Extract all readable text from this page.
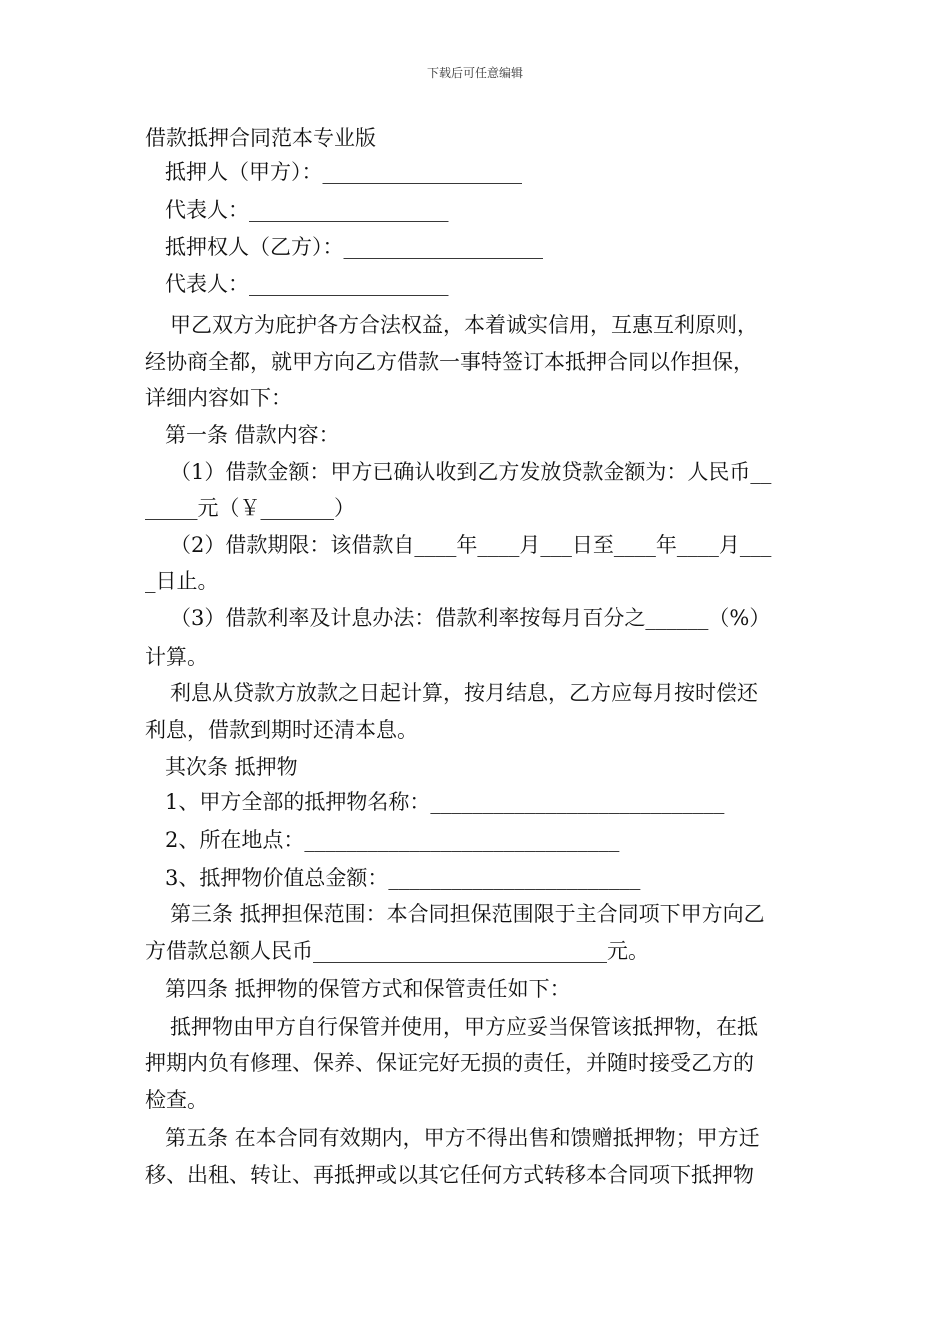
下载后可任意编辑
借款抵押合同范本专业版
抵押人（甲方）：___________________
代表人：___________________
抵押权人（乙方）：___________________
代表人：___________________
甲乙双方为庇护各方合法权益，本着诚实信用，互惠互利原则，
经协商全都，就甲方向乙方借款一事特签订本抵押合同以作担保，
详细内容如下：
第一条 借款内容：
（1）借款金额：甲方已确认收到乙方发放贷款金额为：人民币__
_____元（￥_______）
（2）借款期限：该借款自____年____月___日至____年____月___
_日止。
（3）借款利率及计息办法：借款利率按每月百分之______（%）
计算。
利息从贷款方放款之日起计算，按月结息，乙方应每月按时偿还
利息，借款到期时还清本息。
其次条 抵押物
1、甲方全部的抵押物名称：____________________________
2、所在地点：______________________________
3、抵押物价值总金额：________________________
第三条 抵押担保范围：本合同担保范围限于主合同项下甲方向乙
方借款总额人民币____________________________元。
第四条 抵押物的保管方式和保管责任如下：
抵押物由甲方自行保管并使用，甲方应妥当保管该抵押物，在抵
押期内负有修理、保养、保证完好无损的责任，并随时接受乙方的
检查。
第五条 在本合同有效期内，甲方不得出售和馈赠抵押物；甲方迁
移、出租、转让、再抵押或以其它任何方式转移本合同项下抵押物
